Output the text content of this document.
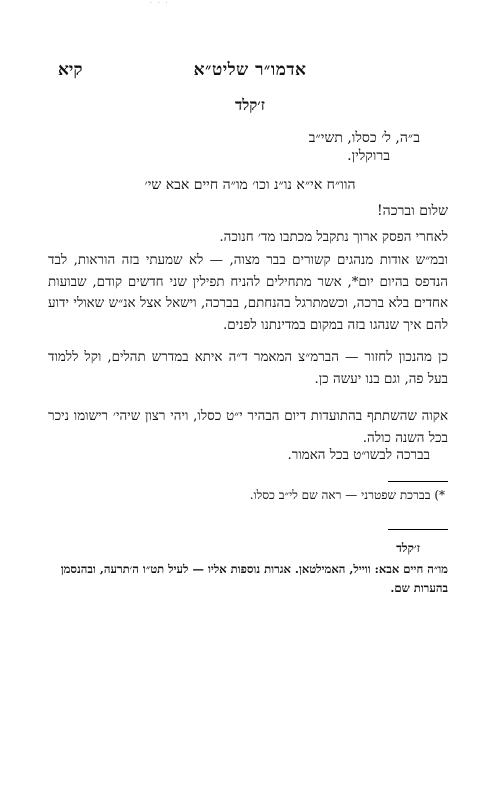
· · ·
אדמו״ר שליט״א
קיא
ז׳קלד
ב״ה, ל׳ כסלו, תשי״ב
ברוקלין.
הוו״ח אי״א נו״נ וכו׳ מו״ה חיים אבא שי׳
שלום וברכה!
לאחרי הפסק ארוך נתקבל מכתבו מד׳ חנוכה.
ובמ״ש אודות מנהגים קשורים בבר מצוה, — לא שמעתי בזה הוראות, לבד הנדפס בהיום יום*, אשר מתחילים להניח תפילין שני חדשים קודם, שבועות אחדים בלא ברכה, וכשמתרגל בהנחתם, בברכה, וישאל אצל אנ״ש שאולי ידוע להם איך שנהגו בזה במקום במדינתנו לפנים.
כן מהנכון לחזור — הברמ״צ המאמר ד״ה איתא במדרש תהלים, וקל ללמוד בעל פה, וגם בנו יעשה כן.
אקוה שהשתתף בהתועדות דיום הבהיר י״ט כסלו, ויהי רצון שיהי׳ רישומו ניכר בכל השנה כולה.
בברכה לבשו״ט בכל האמור.
*) בברכת שפטרני — ראה שם לי״ב כסלו.
ז׳קלד
מו״ה חיים אבא: ווייל, האמילטאן. אגרות נוספות אליו — לעיל תט״ו ה׳תרעה, ובהנסמן בהערות שם.
